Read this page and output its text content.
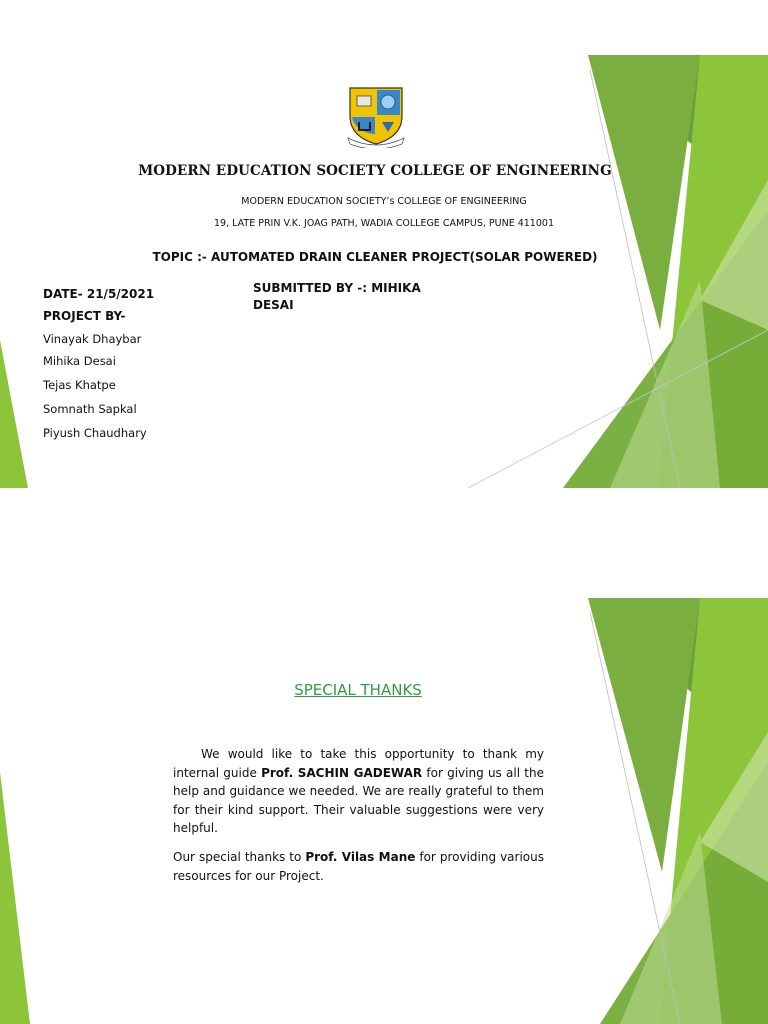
MODERN EDUCATION SOCIETY COLLEGE OF ENGINEERING

MODERN EDUCATION SOCIETY’s COLLEGE OF ENGINEERING

19, LATE PRIN V.K. JOAG PATH, WADIA COLLEGE CAMPUS, PUNE 411001

TOPIC :- AUTOMATED DRAIN CLEANER PROJECT(SOLAR POWERED)

DATE- 21/5/2021

PROJECT BY-

SUBMITTED BY -: MIHIKA DESAI

Vinayak Dhaybar

Mihika Desai

Tejas Khatpe

Somnath Sapkal

Piyush Chaudhary

SPECIAL THANKS

We would like to take this opportunity to thank my internal guide Prof. SACHIN GADEWAR for giving us all the help and guidance we needed. We are really grateful to them for their kind support. Their valuable suggestions were very helpful.

Our special thanks to Prof. Vilas Mane for providing various resources for our Project.
